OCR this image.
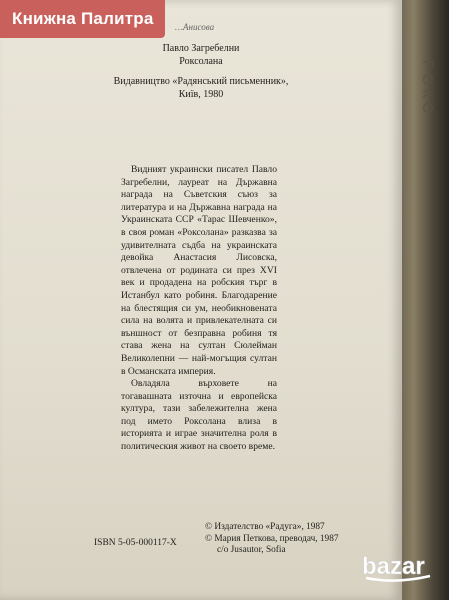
РОКС
…Анисова
Павло Загребелни
Роксолана
Видавництво «Радянський письменник»,
Київ, 1980

Видният украински писател Павло Загребелни, лауреат на Държавна награда на Съветския съюз за литература и на Държавна награда на Украинската ССР «Тарас Шевченко», в своя роман «Роксолана» разказва за удивителната съдба на украинската девойка Анастасия Лисовска, отвлечена от родината си през XVI век и продадена на робския търг в Истанбул като робиня. Благодарение на блестящия си ум, необикновената сила на волята и привлекателната си външност от безправна робиня тя става жена на султан Сюлейман Великолепни — най-могъщия султан в Османската империя.

Овладяла върховете на тогавашната източна и европейска култура, тази забележителна жена под името Роксолана влиза в историята и играе значителна роля в политическия живот на своето време.

ISBN 5-05-000117-X
© Издателство «Радуга», 1987
© Мария Петкова, преводач, 1987
c/o Jusautor, Sofia
Книжна Палитра
bazar
